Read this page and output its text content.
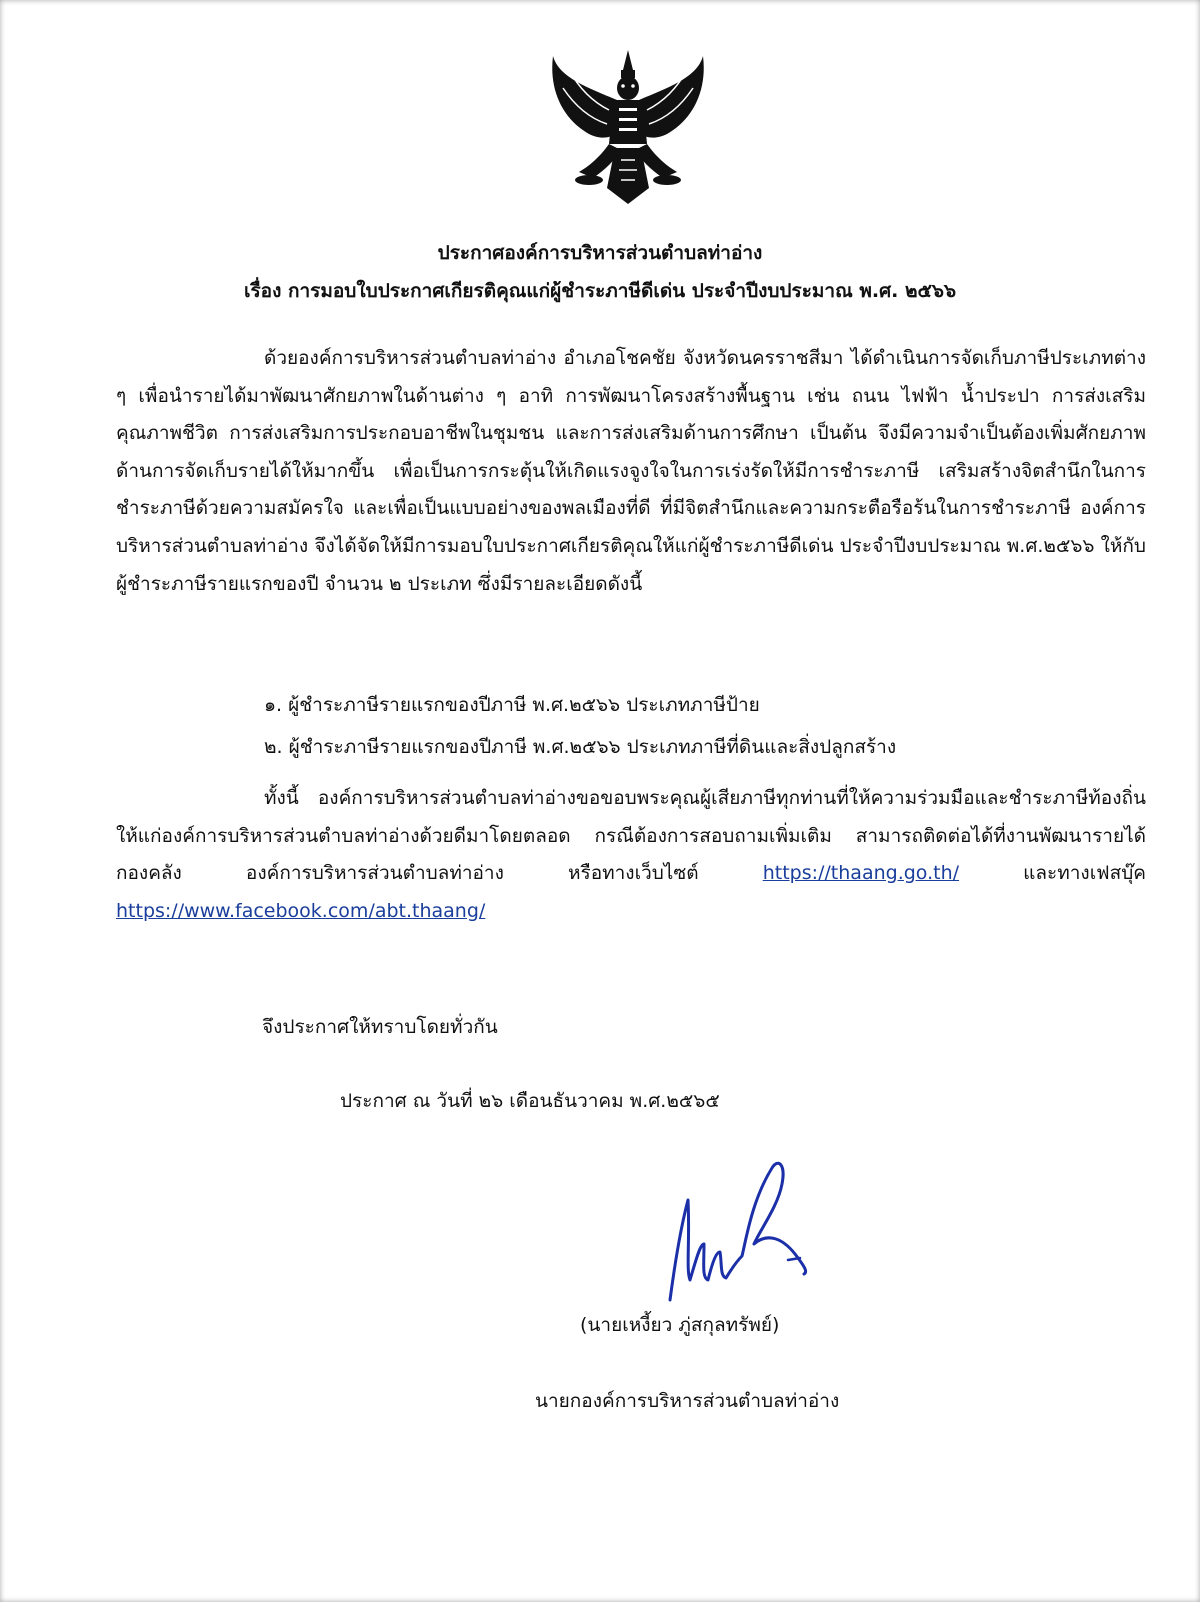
ประกาศองค์การบริหารส่วนตำบลท่าอ่าง
เรื่อง การมอบใบประกาศเกียรติคุณแก่ผู้ชำระภาษีดีเด่น ประจำปีงบประมาณ พ.ศ. ๒๕๖๖
ด้วยองค์การบริหารส่วนตำบลท่าอ่าง อำเภอโชคชัย จังหวัดนครราชสีมา ได้ดำเนินการจัดเก็บภาษีประเภทต่าง ๆ เพื่อนำรายได้มาพัฒนาศักยภาพในด้านต่าง ๆ อาทิ การพัฒนาโครงสร้างพื้นฐาน เช่น ถนน ไฟฟ้า น้ำประปา การส่งเสริมคุณภาพชีวิต การส่งเสริมการประกอบอาชีพในชุมชน และการส่งเสริมด้านการศึกษา เป็นต้น จึงมีความจำเป็นต้องเพิ่มศักยภาพด้านการจัดเก็บรายได้ให้มากขึ้น เพื่อเป็นการกระตุ้นให้เกิดแรงจูงใจในการเร่งรัดให้มีการชำระภาษี เสริมสร้างจิตสำนึกในการชำระภาษีด้วยความสมัครใจ และเพื่อเป็นแบบอย่างของพลเมืองที่ดี ที่มีจิตสำนึกและความกระตือรือร้นในการชำระภาษี องค์การบริหารส่วนตำบลท่าอ่าง จึงได้จัดให้มีการมอบใบประกาศเกียรติคุณให้แก่ผู้ชำระภาษีดีเด่น ประจำปีงบประมาณ พ.ศ.๒๕๖๖ ให้กับผู้ชำระภาษีรายแรกของปี จำนวน ๒ ประเภท ซึ่งมีรายละเอียดดังนี้
๑. ผู้ชำระภาษีรายแรกของปีภาษี พ.ศ.๒๕๖๖ ประเภทภาษีป้าย
๒. ผู้ชำระภาษีรายแรกของปีภาษี พ.ศ.๒๕๖๖ ประเภทภาษีที่ดินและสิ่งปลูกสร้าง
ทั้งนี้ องค์การบริหารส่วนตำบลท่าอ่างขอขอบพระคุณผู้เสียภาษีทุกท่านที่ให้ความร่วมมือและชำระภาษีท้องถิ่นให้แก่องค์การบริหารส่วนตำบลท่าอ่างด้วยดีมาโดยตลอด กรณีต้องการสอบถามเพิ่มเติม สามารถติดต่อได้ที่งานพัฒนารายได้ กองคลัง องค์การบริหารส่วนตำบลท่าอ่าง หรือทางเว็บไซต์	https://thaang.go.th/	และทางเฟสบุ๊ค https://www.facebook.com/abt.thaang/
จึงประกาศให้ทราบโดยทั่วกัน
ประกาศ ณ วันที่ ๒๖ เดือนธันวาคม พ.ศ.๒๕๖๕
(นายเหงี้ยว ภู่สกุลทรัพย์)
นายกองค์การบริหารส่วนตำบลท่าอ่าง
